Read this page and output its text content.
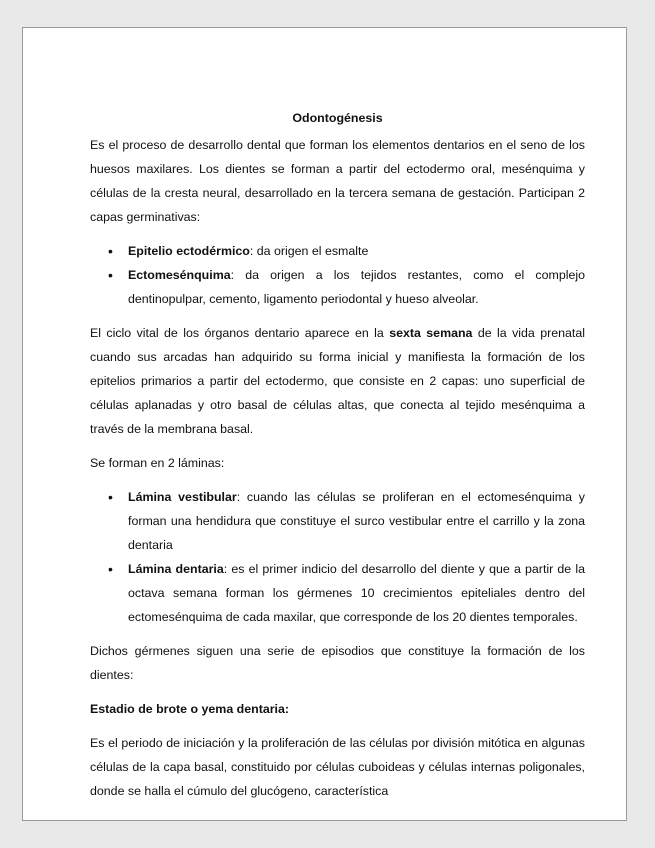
Odontogénesis

Es el proceso de desarrollo dental que forman los elementos dentarios en el seno de los huesos maxilares. Los dientes se forman a partir del ectodermo oral, mesénquima y células de la cresta neural, desarrollado en la tercera semana de gestación. Participan 2 capas germinativas:

• Epitelio ectodérmico: da origen el esmalte
• Ectomesénquima: da origen a los tejidos restantes, como el complejo dentinopulpar, cemento, ligamento periodontal y hueso alveolar.

El ciclo vital de los órganos dentario aparece en la sexta semana de la vida prenatal cuando sus arcadas han adquirido su forma inicial y manifiesta la formación de los epitelios primarios a partir del ectodermo, que consiste en 2 capas: uno superficial de células aplanadas y otro basal de células altas, que conecta al tejido mesénquima a través de la membrana basal.

Se forman en 2 láminas:

• Lámina vestibular: cuando las células se proliferan en el ectomesénquima y forman una hendidura que constituye el surco vestibular entre el carrillo y la zona dentaria
• Lámina dentaria: es el primer indicio del desarrollo del diente y que a partir de la octava semana forman los gérmenes 10 crecimientos epiteliales dentro del ectomesénquima de cada maxilar, que corresponde de los 20 dientes temporales.

Dichos gérmenes siguen una serie de episodios que constituye la formación de los dientes:

Estadio de brote o yema dentaria:

Es el periodo de iniciación y la proliferación de las células por división mitótica en algunas células de la capa basal, constituido por células cuboideas y células internas poligonales, donde se halla el cúmulo del glucógeno, característica
